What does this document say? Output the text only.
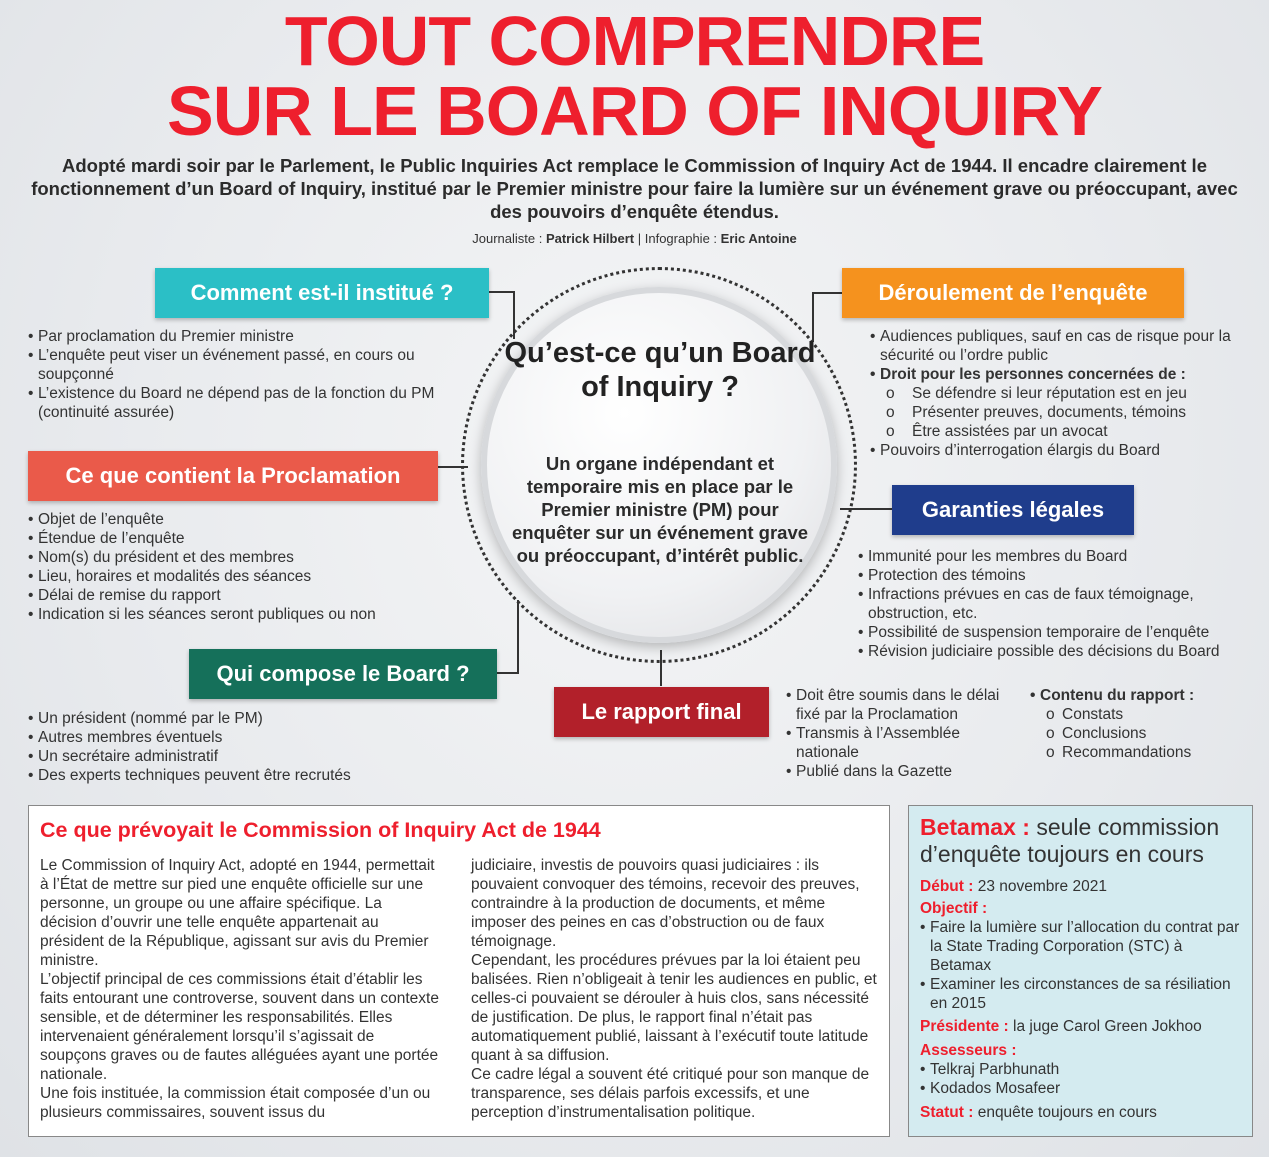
TOUT COMPRENDRE
SUR LE BOARD OF INQUIRY
Adopté mardi soir par le Parlement, le Public Inquiries Act remplace le Commission of Inquiry Act de 1944. Il encadre clairement le fonctionnement d’un Board of Inquiry, institué par le Premier ministre pour faire la lumière sur un événement grave ou préoccupant, avec des pouvoirs d’enquête étendus.
Journaliste : Patrick Hilbert | Infographie : Eric Antoine
Qu’est-ce qu’un Board of Inquiry ?
Un organe indépendant et temporaire mis en place par le Premier ministre (PM) pour enquêter sur un événement grave ou préoccupant, d’intérêt public.
Comment est-il institué ?
• Par proclamation du Premier ministre
• L’enquête peut viser un événement passé, en cours ou soupçonné
• L’existence du Board ne dépend pas de la fonction du PM (continuité assurée)
Ce que contient la Proclamation
• Objet de l’enquête
• Étendue de l’enquête
• Nom(s) du président et des membres
• Lieu, horaires et modalités des séances
• Délai de remise du rapport
• Indication si les séances seront publiques ou non
Qui compose le Board ?
• Un président (nommé par le PM)
• Autres membres éventuels
• Un secrétaire administratif
• Des experts techniques peuvent être recrutés
Déroulement de l’enquête
• Audiences publiques, sauf en cas de risque pour la sécurité ou l’ordre public
• Droit pour les personnes concernées de :
o Se défendre si leur réputation est en jeu
o Présenter preuves, documents, témoins
o Être assistées par un avocat
• Pouvoirs d’interrogation élargis du Board
Garanties légales
• Immunité pour les membres du Board
• Protection des témoins
• Infractions prévues en cas de faux témoignage, obstruction, etc.
• Possibilité de suspension temporaire de l’enquête
• Révision judiciaire possible des décisions du Board
Le rapport final
• Doit être soumis dans le délai fixé par la Proclamation
• Transmis à l’Assemblée nationale
• Publié dans la Gazette
• Contenu du rapport :
o Constats
o Conclusions
o Recommandations
Ce que prévoyait le Commission of Inquiry Act de 1944

Le Commission of Inquiry Act, adopté en 1944, permettait à l’État de mettre sur pied une enquête officielle sur une personne, un groupe ou une affaire spécifique. La décision d’ouvrir une telle enquête appartenait au président de la République, agissant sur avis du Premier ministre.

L’objectif principal de ces commissions était d’établir les faits entourant une controverse, souvent dans un contexte sensible, et de déterminer les responsabilités. Elles intervenaient généralement lorsqu’il s’agissait de soupçons graves ou de fautes alléguées ayant une portée nationale.

Une fois instituée, la commission était composée d’un ou plusieurs commissaires, souvent issus du

judiciaire, investis de pouvoirs quasi judiciaires : ils pouvaient convoquer des témoins, recevoir des preuves, contraindre à la production de documents, et même imposer des peines en cas d’obstruction ou de faux témoignage.

Cependant, les procédures prévues par la loi étaient peu balisées. Rien n’obligeait à tenir les audiences en public, et celles-ci pouvaient se dérouler à huis clos, sans nécessité de justification. De plus, le rapport final n’était pas automatiquement publié, laissant à l’exécutif toute latitude quant à sa diffusion.

Ce cadre légal a souvent été critiqué pour son manque de transparence, ses délais parfois excessifs, et une perception d’instrumentalisation politique.

Betamax : seule commission d’enquête toujours en cours
Début : 23 novembre 2021
Objectif :
• Faire la lumière sur l’allocation du contrat par la State Trading Corporation (STC) à Betamax
• Examiner les circonstances de sa résiliation en 2015
Présidente : la juge Carol Green Jokhoo
Assesseurs :
• Telkraj Parbhunath
• Kodados Mosafeer
Statut : enquête toujours en cours
